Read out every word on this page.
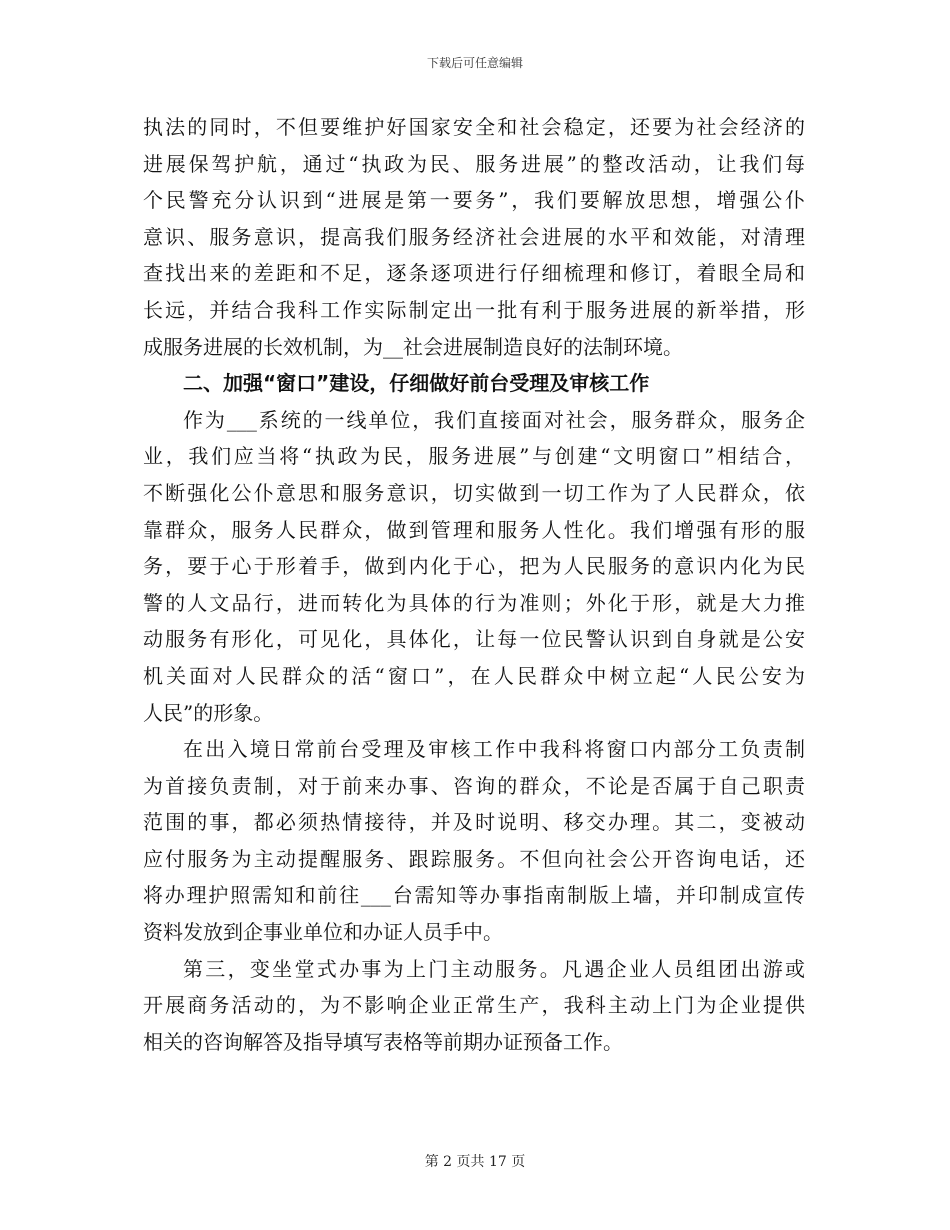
下载后可任意编辑
执法的同时，不但要维护好国家安全和社会稳定，还要为社会经济的
进展保驾护航，通过“执政为民、服务进展”的整改活动，让我们每
个民警充分认识到“进展是第一要务”，我们要解放思想，增强公仆
意识、服务意识，提高我们服务经济社会进展的水平和效能，对清理
查找出来的差距和不足，逐条逐项进行仔细梳理和修订，着眼全局和
长远，并结合我科工作实际制定出一批有利于服务进展的新举措，形
成服务进展的长效机制，为__社会进展制造良好的法制环境。
二、加强“窗口”建设，仔细做好前台受理及审核工作
作为___系统的一线单位，我们直接面对社会，服务群众，服务企
业，我们应当将“执政为民，服务进展”与创建“文明窗口”相结合，
不断强化公仆意思和服务意识，切实做到一切工作为了人民群众，依
靠群众，服务人民群众，做到管理和服务人性化。我们增强有形的服
务，要于心于形着手，做到内化于心，把为人民服务的意识内化为民
警的人文品行，进而转化为具体的行为准则；外化于形，就是大力推
动服务有形化，可见化，具体化，让每一位民警认识到自身就是公安
机关面对人民群众的活“窗口”，在人民群众中树立起“人民公安为
人民”的形象。
在出入境日常前台受理及审核工作中我科将窗口内部分工负责制
为首接负责制，对于前来办事、咨询的群众，不论是否属于自己职责
范围的事，都必须热情接待，并及时说明、移交办理。其二，变被动
应付服务为主动提醒服务、跟踪服务。不但向社会公开咨询电话，还
将办理护照需知和前往___台需知等办事指南制版上墙，并印制成宣传
资料发放到企事业单位和办证人员手中。
第三，变坐堂式办事为上门主动服务。凡遇企业人员组团出游或
开展商务活动的，为不影响企业正常生产，我科主动上门为企业提供
相关的咨询解答及指导填写表格等前期办证预备工作。
第 2 页共 17 页
